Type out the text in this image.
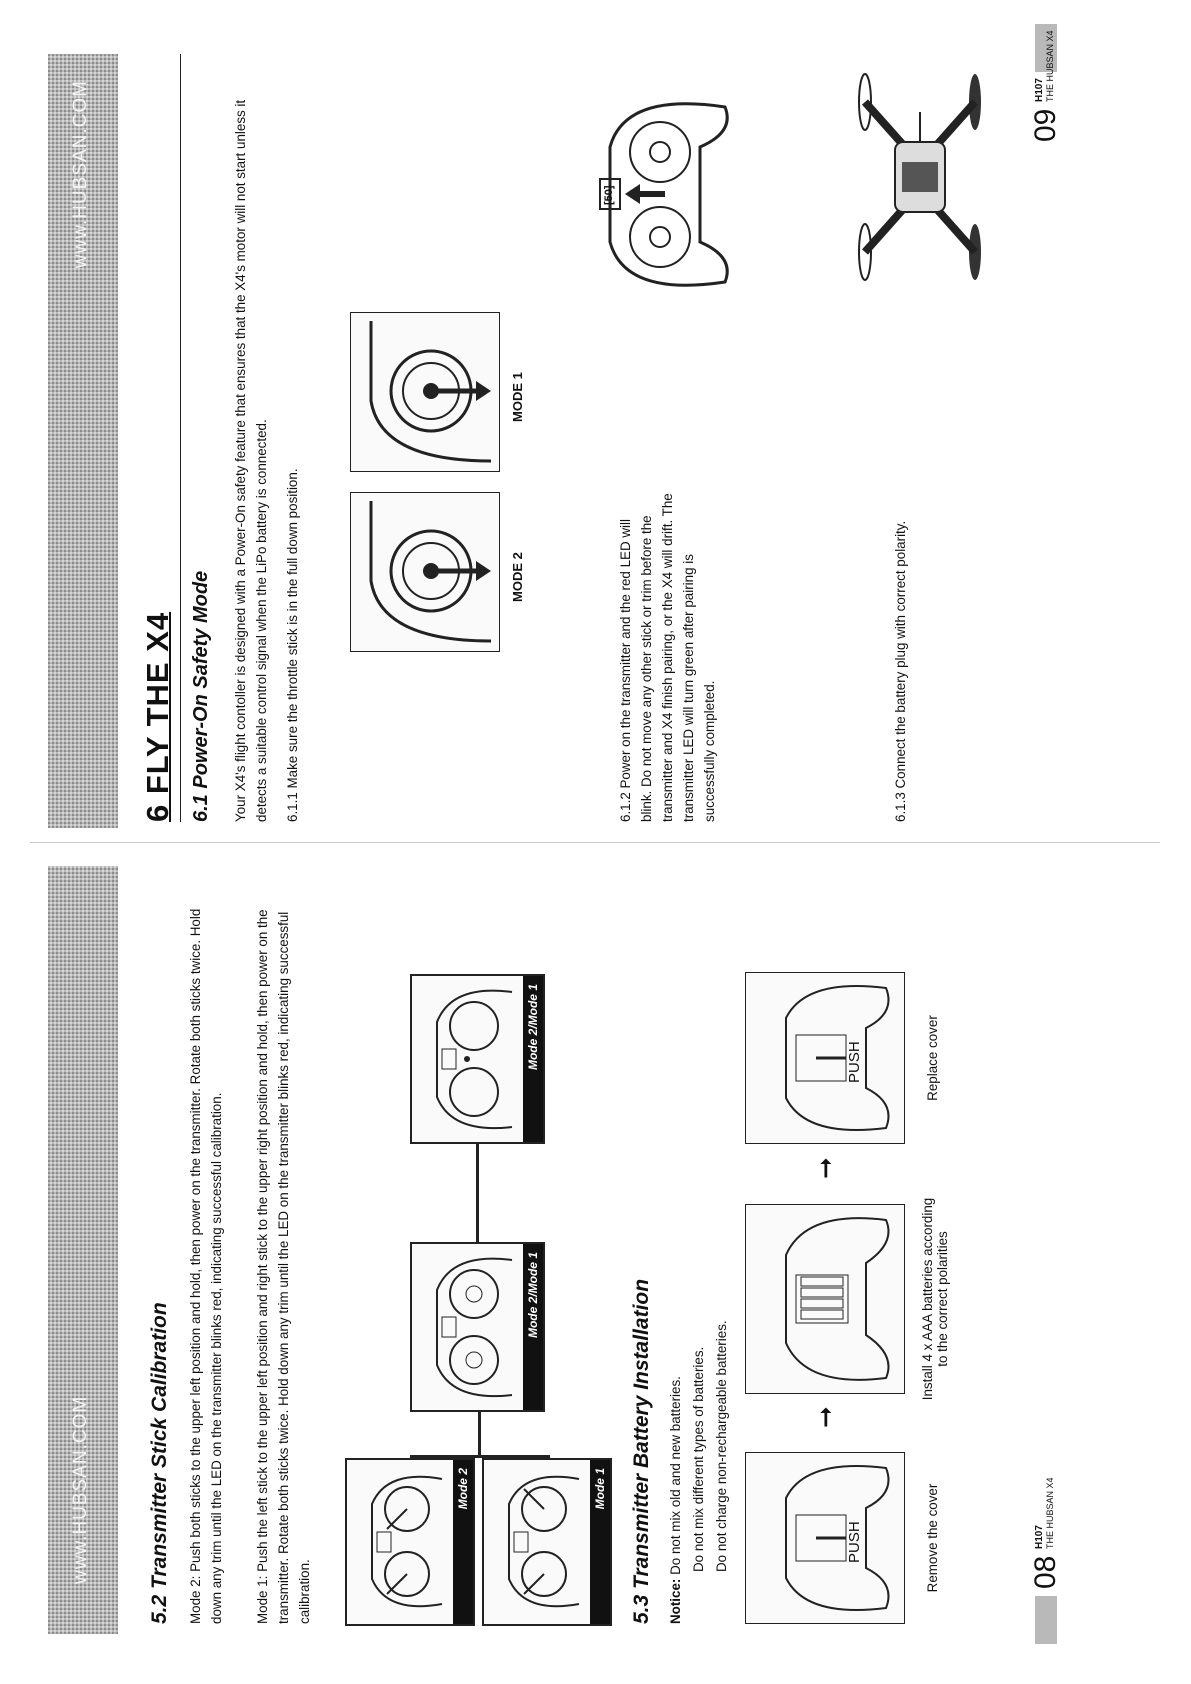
www.HUBSAN.COM	5.2 Transmitter Stick Calibration Mode 2: Push both sticks to the upper left position and hold, then power on the transmitter. Rotate both sticks twice. Hold down any trim until the LED on the transmitter blinks red, indicating successful calibration. Mode 1: Push the left stick to the upper left position and right stick to the upper right position and hold, then power on the transmitter. Rotate both sticks twice. Hold down any trim until the LED on the transmitter blinks red, indicating successful calibration.
Mode 2	Mode 1
Mode 2/Mode 1
Mode 2/Mode 1
5.3 Transmitter Battery Installation Notice: Do not mix old and new batteries. Do not mix different types of batteries. Do not charge non-rechargeable batteries.	PUSH
➞
➞
PUSH
Remove the cover
Install 4 x AAA batteries according to the correct polarities
Replace cover
08
H107
THE HUBSAN X4
www.HUBSAN.COM
6 FLY THE X4 6.1 Power-On Safety Mode Your X4's flight contoller is designed with a Power-On safety feature that ensures that the X4's motor will not start unless it detects a suitable control signal when the LiPo battery is connected. 6.1.1 Make sure the throttle stick is in the full down position.	MODE 2
MODE 1
6.1.2 Power on the transmitter and the red LED will blink. Do not move any other stick or trim before the transmitter and X4 finish pairing, or the X4 will drift. The transmitter LED will turn green after pairing is successfully completed.
[50]
6.1.3 Connect the battery plug with correct polarity.
09
H107
THE HUBSAN X4
